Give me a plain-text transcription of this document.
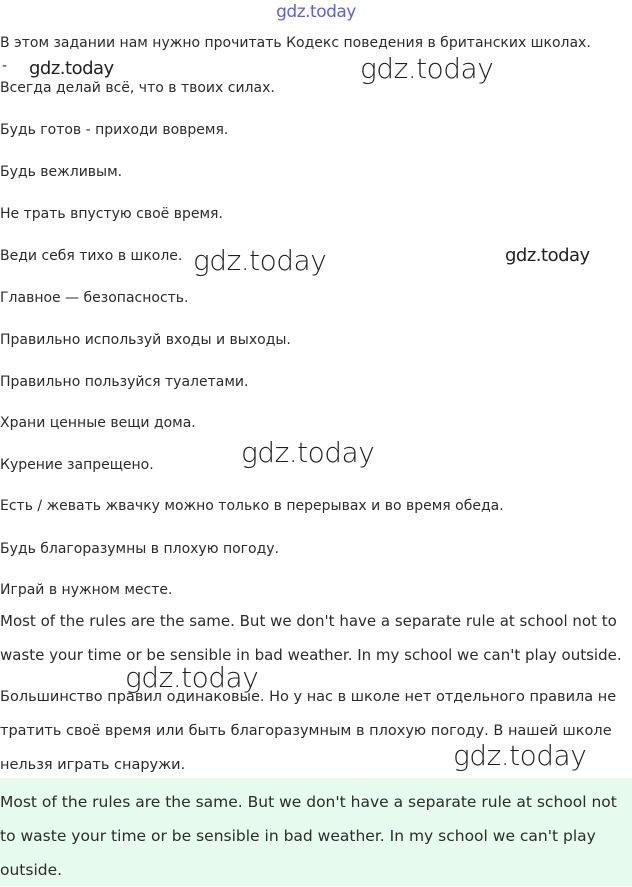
gdz.today
В этом задании нам нужно прочитать Кодекс поведения в британских школах.
-
Всегда делай всё, что в твоих силах.
Будь готов - приходи вовремя.
Будь вежливым.
Не трать впустую своё время.
Веди себя тихо в школе.
Главное — безопасность.
Правильно используй входы и выходы.
Правильно пользуйся туалетами.
Храни ценные вещи дома.
Курение запрещено.
Есть / жевать жвачку можно только в перерывах и во время обеда.
Будь благоразумны в плохую погоду.
Играй в нужном месте.
Most of the rules are the same. But we don't have a separate rule at school not to waste your time or be sensible in bad weather. In my school we can't play outside.
Большинство правил одинаковые. Но у нас в школе нет отдельного правила не тратить своё время или быть благоразумным в плохую погоду. В нашей школе нельзя играть снаружи.
Most of the rules are the same. But we don't have a separate rule at school not to waste your time or be sensible in bad weather. In my school we can't play outside.
gdz.today	gdz.today
gdz.today	gdz.today
gdz.today
gdz.today
gdz.today
